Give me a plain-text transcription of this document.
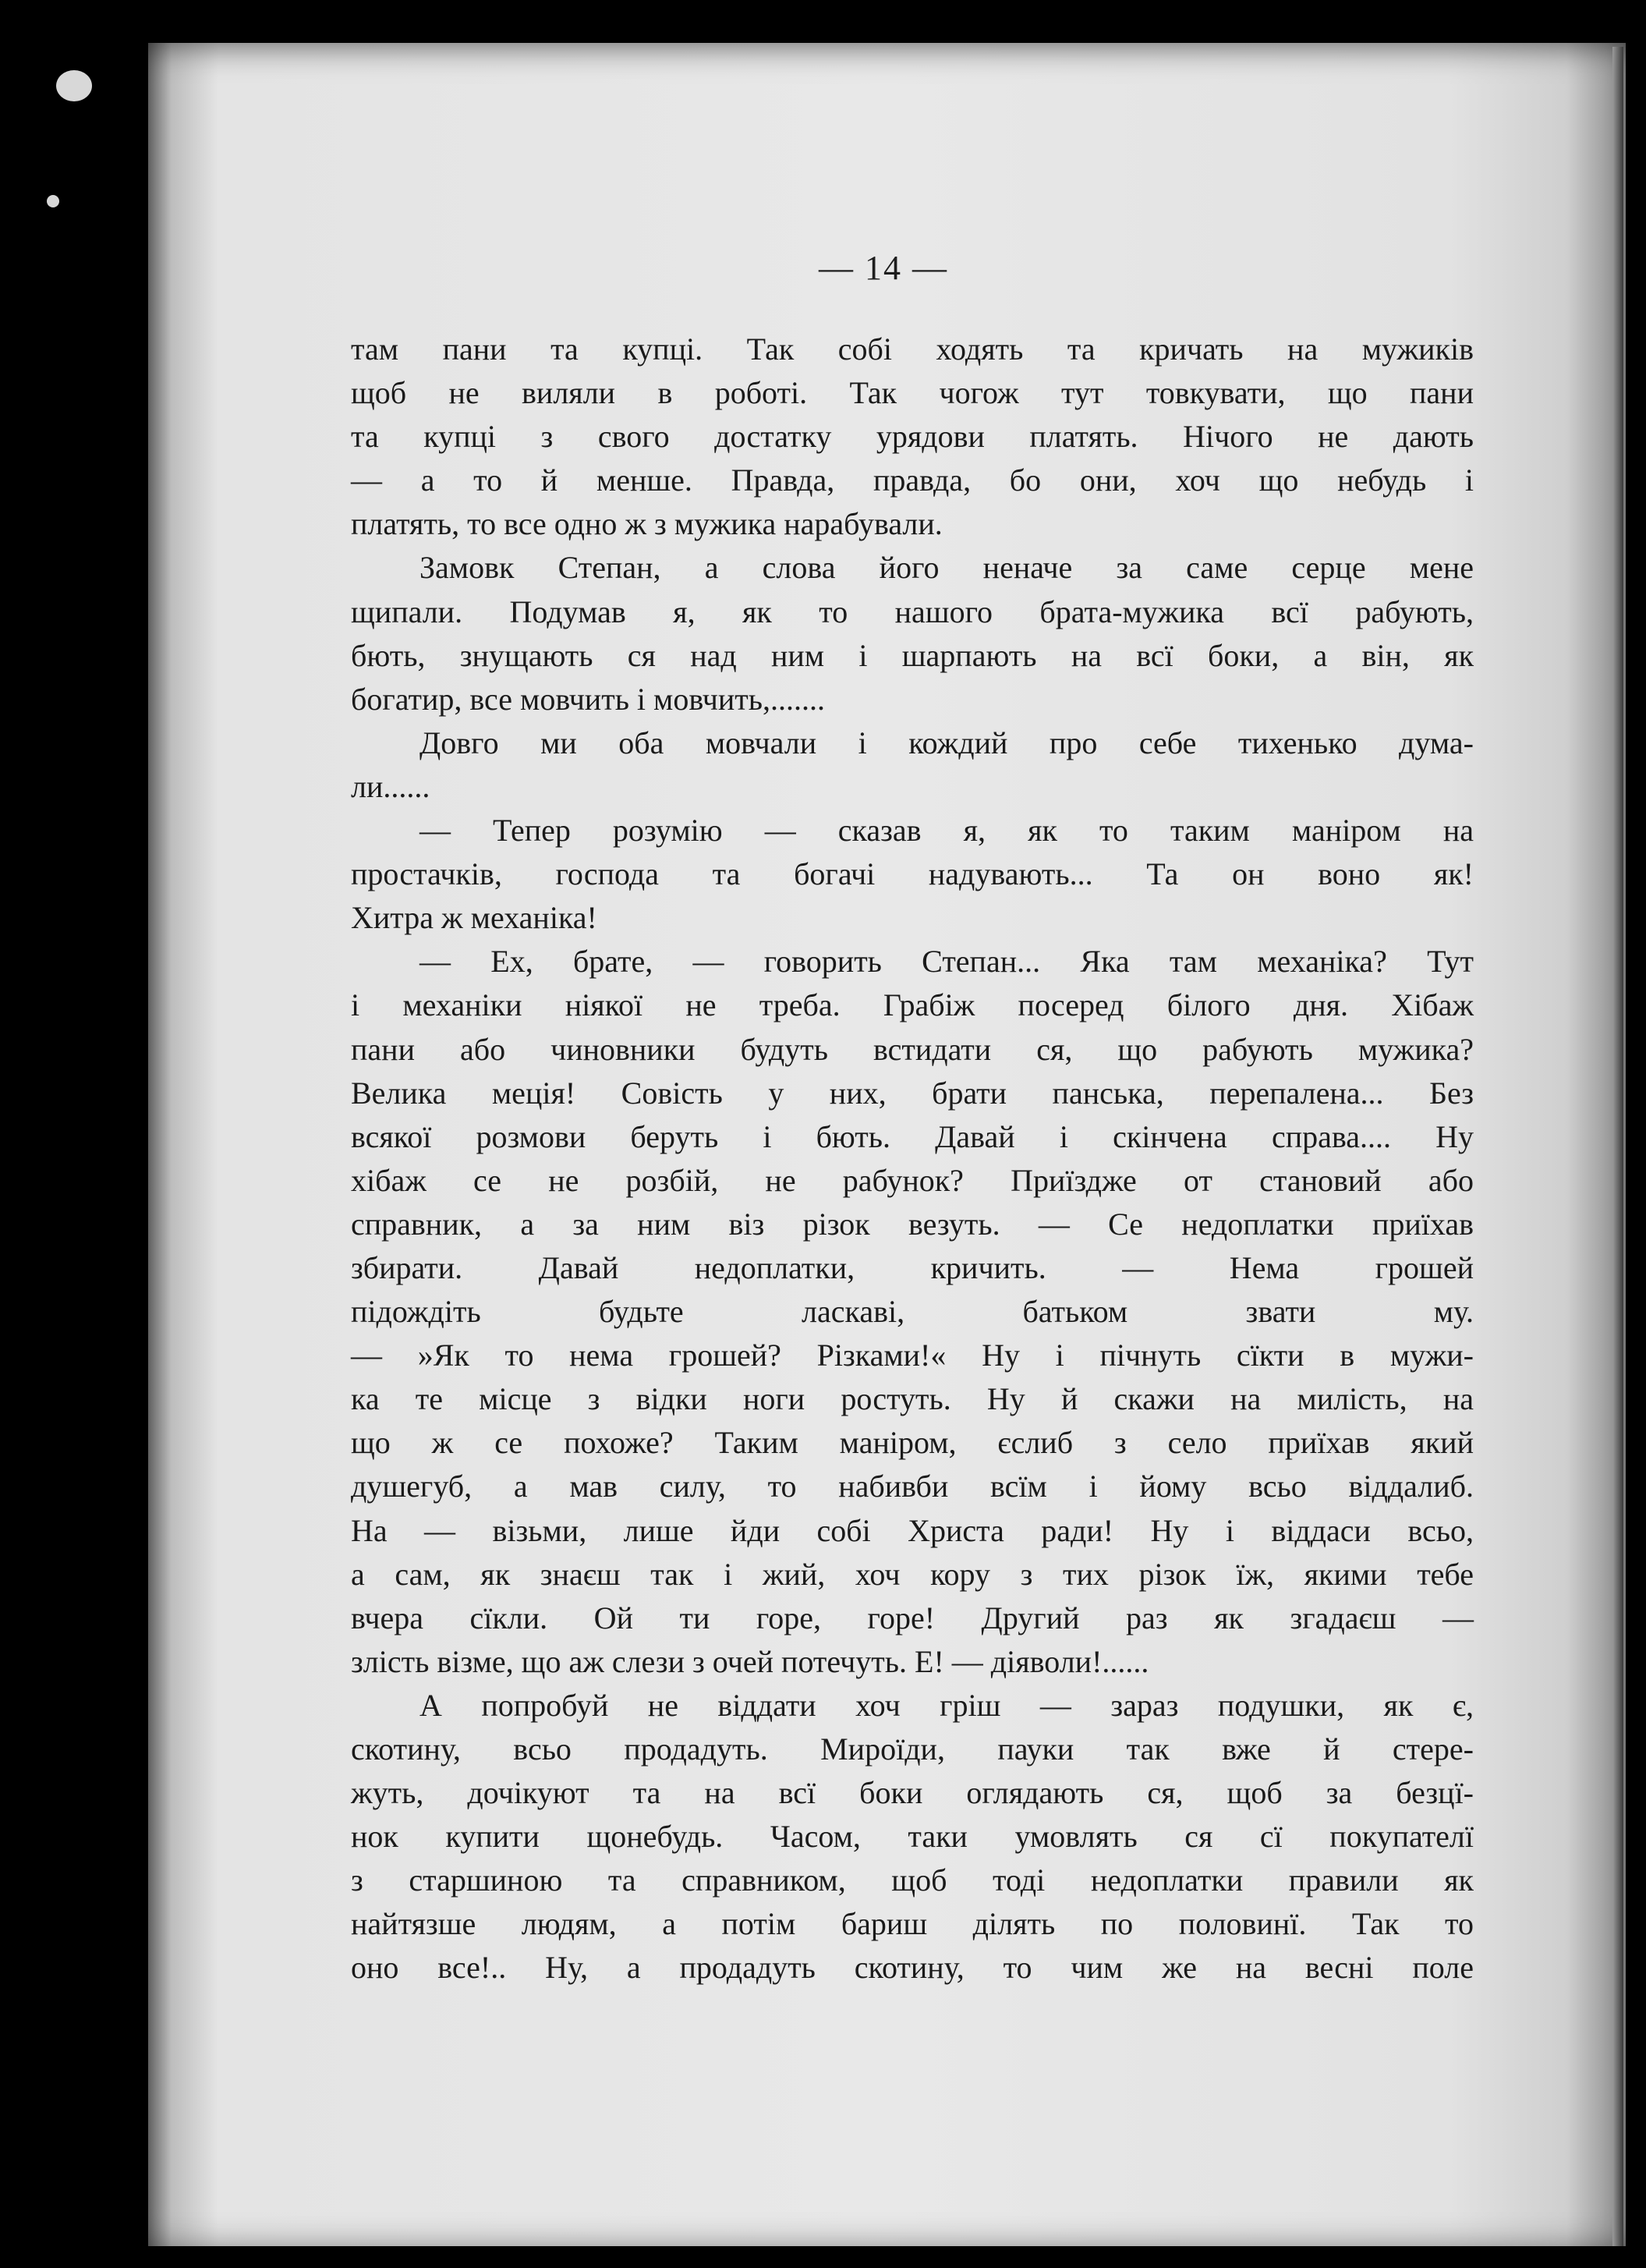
— 14 —
там пани та купці. Так собі ходять та кричать на мужиків
щоб не виляли в роботі. Так чогож тут товкувати, що пани
та купці з свого достатку урядови платять. Нічого не дають
— а то й менше. Правда, правда, бо они, хоч що небудь і
платять, то все одно ж з мужика нарабували.
Замовк Степан, а слова його неначе за саме серце мене
щипали. Подумав я, як то нашого брата-мужика всї рабують,
бють, знущають ся над ним і шарпають на всї боки, а він, як
богатир, все мовчить і мовчить,.......
Довго ми оба мовчали і кождий про себе тихенько дума-
ли......
— Тепер розумію — сказав я, як то таким маніром на
простачків, господа та богачі надувають... Та он воно як!
Хитра ж механіка!
— Ех, брате, — говорить Степан... Яка там механіка? Тут
і механіки ніякої не треба. Грабіж посеред білого дня. Хібаж
пани або чиновники будуть встидати ся, що рабують мужика?
Велика меція! Совість у них, брати панська, перепалена... Без
всякої розмови беруть і бють. Давай і скінчена справа.... Ну
хібаж се не розбій, не рабунок? Приїздже от становий або
справник, а за ним віз різок везуть. — Се недоплатки приїхав
збирати. Давай недоплатки, кричить. — Нема грошей
підождіть будьте ласкаві, батьком звати му.
— »Як то нема грошей? Різками!« Ну і пічнуть сїкти в мужи-
ка те місце з відки ноги ростуть. Ну й скажи на милість, на
що ж се похоже? Таким маніром, єслиб з село приїхав який
душегуб, а мав силу, то набивби всїм і йому всьо віддалиб.
На — візьми, лише йди собі Христа ради! Ну і віддаси всьо,
а сам, як знаєш так і жий, хоч кору з тих різок їж, якими тебе
вчера сїкли. Ой ти горе, горе! Другий раз як згадаєш —
злість візме, що аж слези з очей потечуть. Е! — діяволи!......
А попробуй не віддати хоч гріш — зараз подушки, як є,
скотину, всьо продадуть. Мироїди, пауки так вже й стере-
жуть, дочікуют та на всї боки оглядають ся, щоб за безцї-
нок купити щонебудь. Часом, таки умовлять ся сї покупателї
з старшиною та справником, щоб тоді недоплатки правили як
найтязше людям, а потім бариш ділять по половинї. Так то
оно все!.. Ну, а продадуть скотину, то чим же на весні поле
